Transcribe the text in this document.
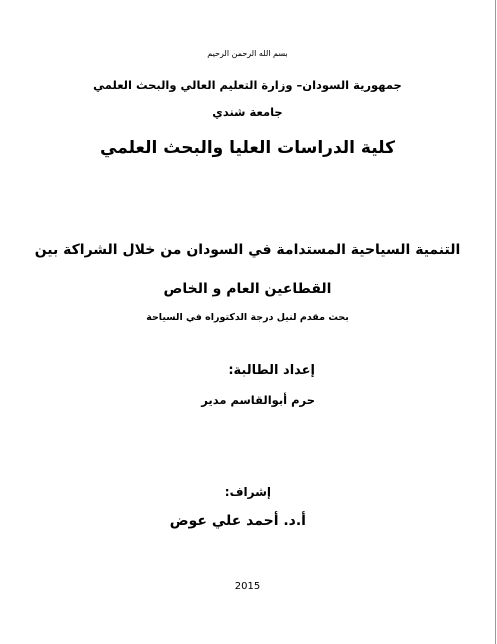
بسم الله الرحمن الرحيم
جمهورية السودان– وزارة التعليم العالي والبحث العلمي
جامعة شندي
كلية الدراسات العليا والبحث العلمي
التنمية السياحية المستدامة في السودان من خلال الشراكة بين
القطاعين العام و الخاص
بحث مقدم لنيل درجة الدكتوراه في السياحة
إعداد الطالبة:
حرم أبوالقاسم مدير
إشراف:
أ.د. أحمد علي عوض
2015
